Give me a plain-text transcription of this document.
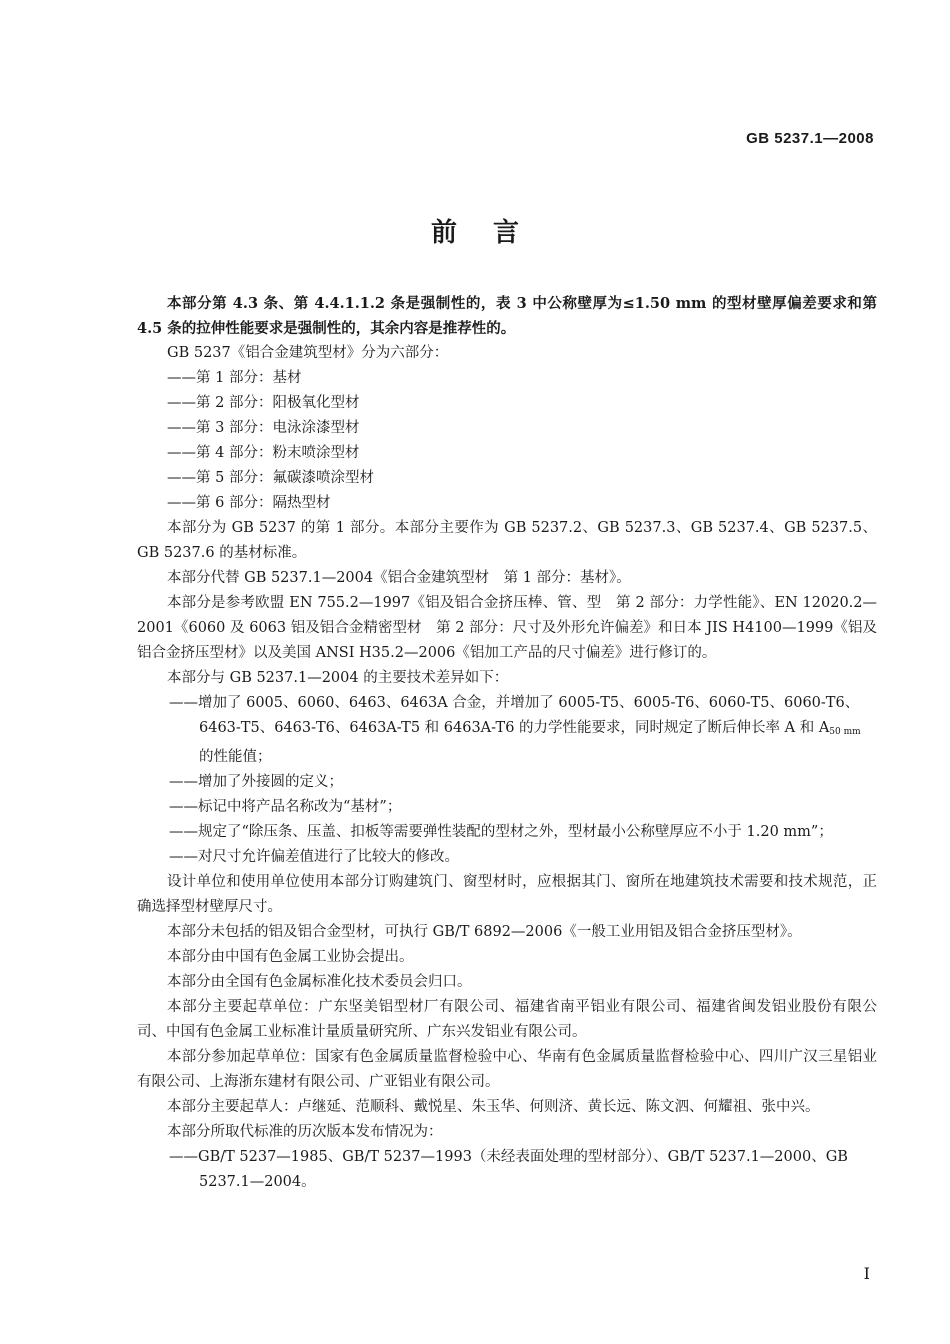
GB 5237.1—2008
前言

本部分第 4.3 条、第 4.4.1.1.2 条是强制性的，表 3 中公称壁厚为≤1.50 mm 的型材壁厚偏差要求和第 4.5 条的拉伸性能要求是强制性的，其余内容是推荐性的。

GB 5237《铝合金建筑型材》分为六部分：

——第 1 部分：基材

——第 2 部分：阳极氧化型材

——第 3 部分：电泳涂漆型材

——第 4 部分：粉末喷涂型材

——第 5 部分：氟碳漆喷涂型材

——第 6 部分：隔热型材

本部分为 GB 5237 的第 1 部分。本部分主要作为 GB 5237.2、GB 5237.3、GB 5237.4、GB 5237.5、GB 5237.6 的基材标准。

本部分代替 GB 5237.1—2004《铝合金建筑型材　第 1 部分：基材》。

本部分是参考欧盟 EN 755.2—1997《铝及铝合金挤压棒、管、型　第 2 部分：力学性能》、EN 12020.2—2001《6060 及 6063 铝及铝合金精密型材　第 2 部分：尺寸及外形允许偏差》和日本 JIS H4100—1999《铝及铝合金挤压型材》以及美国 ANSI H35.2—2006《铝加工产品的尺寸偏差》进行修订的。

本部分与 GB 5237.1—2004 的主要技术差异如下：

——增加了 6005、6060、6463、6463A 合金，并增加了 6005-T5、6005-T6、6060-T5、6060-T6、6463-T5、6463-T6、6463A-T5 和 6463A-T6 的力学性能要求，同时规定了断后伸长率 A 和 $A_{50 mm}$ 的性能值；

——增加了外接圆的定义；

——标记中将产品名称改为“基材”；

——规定了“除压条、压盖、扣板等需要弹性装配的型材之外，型材最小公称壁厚应不小于 1.20 mm”；

——对尺寸允许偏差值进行了比较大的修改。

设计单位和使用单位使用本部分订购建筑门、窗型材时，应根据其门、窗所在地建筑技术需要和技术规范，正确选择型材壁厚尺寸。

本部分未包括的铝及铝合金型材，可执行 GB/T 6892—2006《一般工业用铝及铝合金挤压型材》。

本部分由中国有色金属工业协会提出。

本部分由全国有色金属标准化技术委员会归口。

本部分主要起草单位：广东坚美铝型材厂有限公司、福建省南平铝业有限公司、福建省闽发铝业股份有限公司、中国有色金属工业标准计量质量研究所、广东兴发铝业有限公司。

本部分参加起草单位：国家有色金属质量监督检验中心、华南有色金属质量监督检验中心、四川广汉三星铝业有限公司、上海浙东建材有限公司、广亚铝业有限公司。

本部分主要起草人：卢继延、范顺科、戴悦星、朱玉华、何则济、黄长远、陈文泗、何耀祖、张中兴。

本部分所取代标准的历次版本发布情况为：

——GB/T 5237—1985、GB/T 5237—1993（未经表面处理的型材部分）、GB/T 5237.1—2000、GB 5237.1—2004。

I
